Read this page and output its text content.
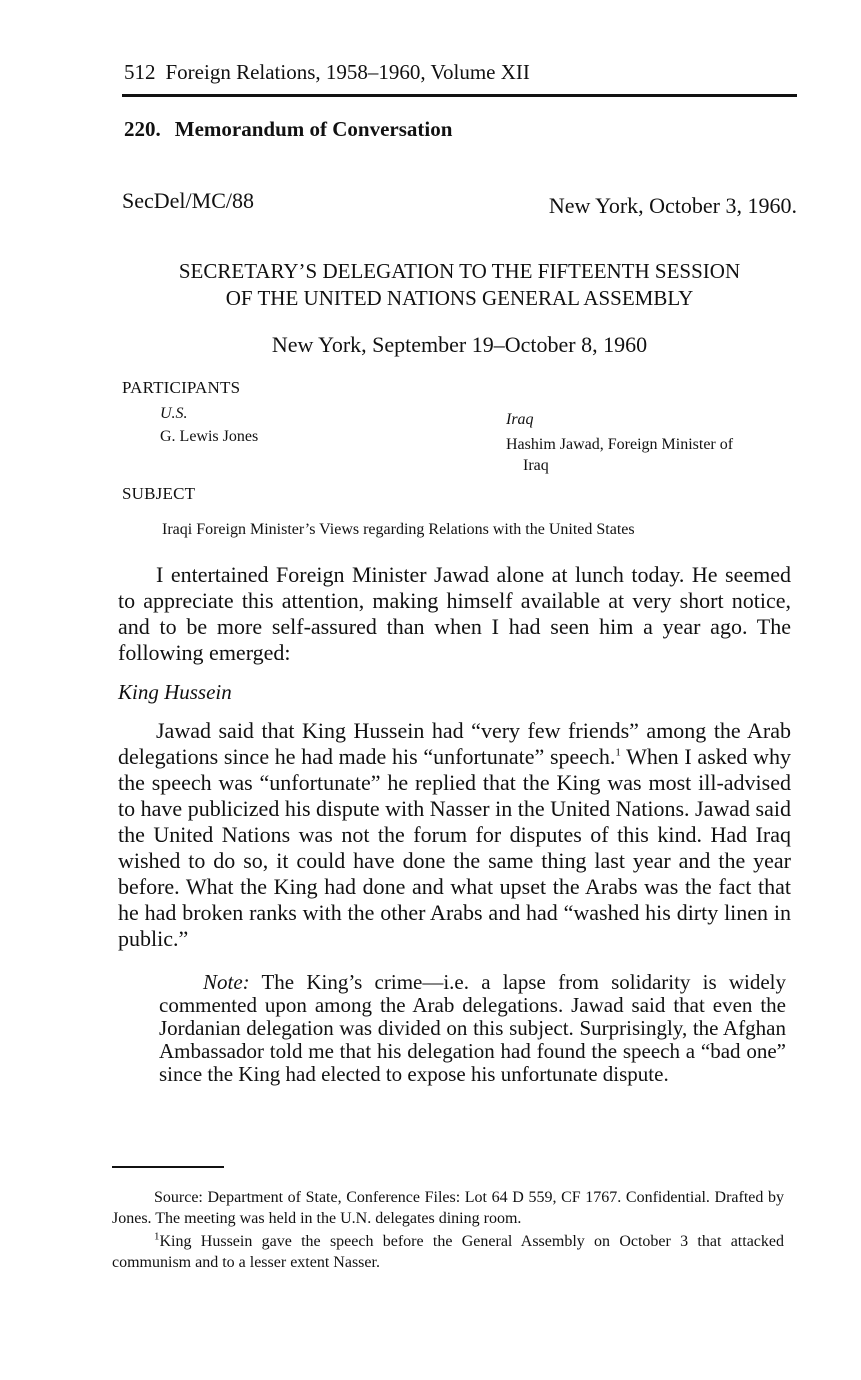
512 Foreign Relations, 1958–1960, Volume XII
220. Memorandum of Conversation
SecDel/MC/88	New York, October 3, 1960.
SECRETARY’S DELEGATION TO THE FIFTEENTH SESSION
OF THE UNITED NATIONS GENERAL ASSEMBLY
New York, September 19–October 8, 1960
PARTICIPANTS
U.S.
G. Lewis Jones
Iraq
Hashim Jawad, Foreign Minister of
Iraq
SUBJECT
Iraqi Foreign Minister’s Views regarding Relations with the United States

I entertained Foreign Minister Jawad alone at lunch today. He seemed to appreciate this attention, making himself available at very short notice, and to be more self-assured than when I had seen him a year ago. The following emerged:

King Hussein

Jawad said that King Hussein had “very few friends” among the Arab delegations since he had made his “unfortunate” speech.$^1$ When I asked why the speech was “unfortunate” he replied that the King was most ill-advised to have publicized his dispute with Nasser in the United Nations. Jawad said the United Nations was not the forum for disputes of this kind. Had Iraq wished to do so, it could have done the same thing last year and the year before. What the King had done and what upset the Arabs was the fact that he had broken ranks with the other Arabs and had “washed his dirty linen in public.”

Note: The King’s crime—i.e. a lapse from solidarity is widely commented upon among the Arab delegations. Jawad said that even the Jordanian delegation was divided on this subject. Surprisingly, the Afghan Ambassador told me that his delegation had found the speech a “bad one” since the King had elected to expose his unfortunate dispute.

Source: Department of State, Conference Files: Lot 64 D 559, CF 1767. Confidential. Drafted by Jones. The meeting was held in the U.N. delegates dining room.

$^1$King Hussein gave the speech before the General Assembly on October 3 that attacked communism and to a lesser extent Nasser.
